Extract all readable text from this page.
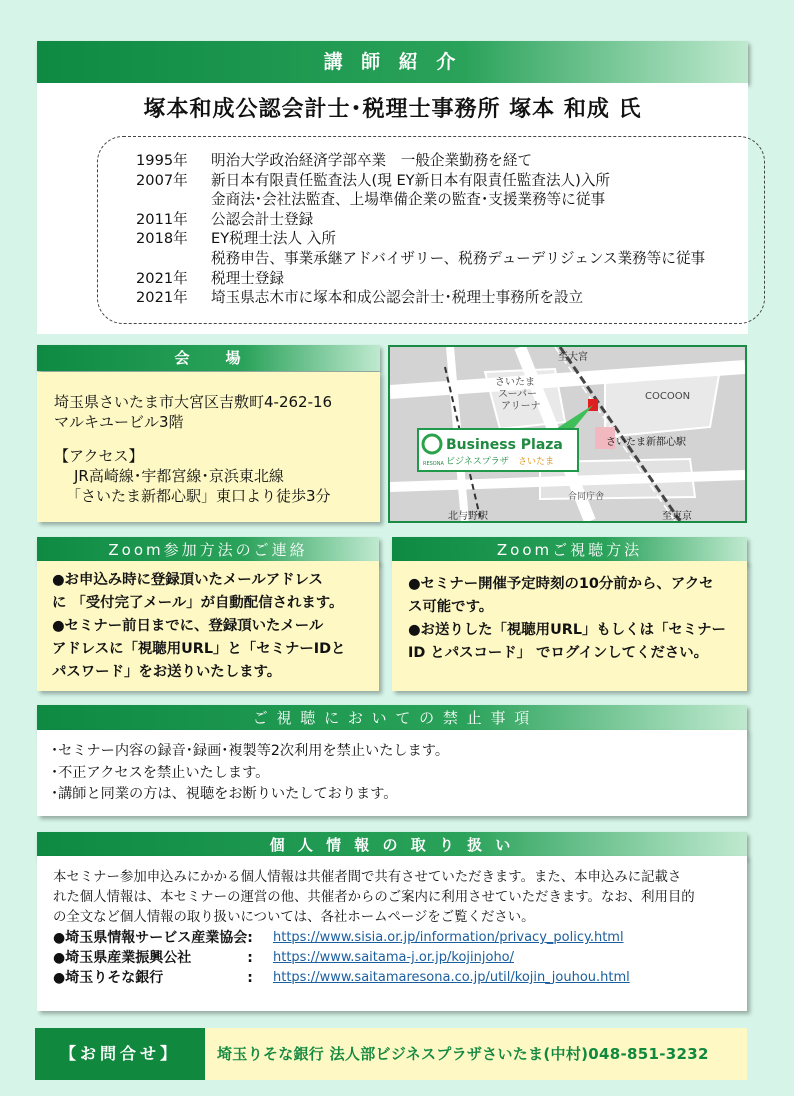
講 師 紹 介
塚本和成公認会計士･税理士事務所 塚本 和成 氏
1995年	明治大学政治経済学部卒業　一般企業勤務を経て
2007年	新日本有限責任監査法人(現 EY新日本有限責任監査法人)入所
金商法･会社法監査、上場準備企業の監査･支援業務等に従事
2011年	公認会計士登録
2018年	EY税理士法人 入所
税務申告、事業承継アドバイザリー、税務デューデリジェンス業務等に従事
2021年	税理士登録
2021年	埼玉県志木市に塚本和成公認会計士･税理士事務所を設立
会　　場
埼玉県さいたま市大宮区吉敷町4-262-16
マルキユービル3階
【アクセス】
JR高崎線･宇都宮線･京浜東北線
「さいたま新都心駅」東口より徒歩3分
至大宮
さいたま
スーパー
アリーナ
COCOON
さいたま新都心駅
Business Plaza
RESONA ビジネスプラザ さいたま
合同庁舎
北与野駅	至東京
Zoom参加方法のご連絡
●お申込み時に登録頂いたメールアドレス
に 「受付完了メール」が自動配信されます。
●セミナー前日までに、登録頂いたメール
アドレスに「視聴用URL」と「セミナーIDと
パスワード」をお送りいたします。
Zoomご視聴方法
●セミナー開催予定時刻の10分前から、アクセ
ス可能です。
●お送りした「視聴用URL」もしくは「セミナー
ID とパスコード」 でログインしてください。
ご 視 聴 に お い て の 禁 止 事 項
･セミナー内容の録音･録画･複製等2次利用を禁止いたします。
･不正アクセスを禁止いたします。
･講師と同業の方は、視聴をお断りいたしております。
個 人 情 報 の 取 り 扱 い
本セミナー参加申込みにかかる個人情報は共催者間で共有させていただきます。また、本申込みに記載さ
れた個人情報は、本セミナーの運営の他、共催者からのご案内に利用させていただきます。なお、利用目的
の全文など個人情報の取り扱いについては、各社ホームページをご覧ください。
●埼玉県情報サービス産業協会:	https://www.sisia.or.jp/information/privacy_policy.html
●埼玉県産業振興公社　　　　:	https://www.saitama-j.or.jp/kojinjoho/
●埼玉りそな銀行　　　　　　:	https://www.saitamaresona.co.jp/util/kojin_jouhou.html
【お問合せ】	埼玉りそな銀行 法人部ビジネスプラザさいたま(中村)048-851-3232
